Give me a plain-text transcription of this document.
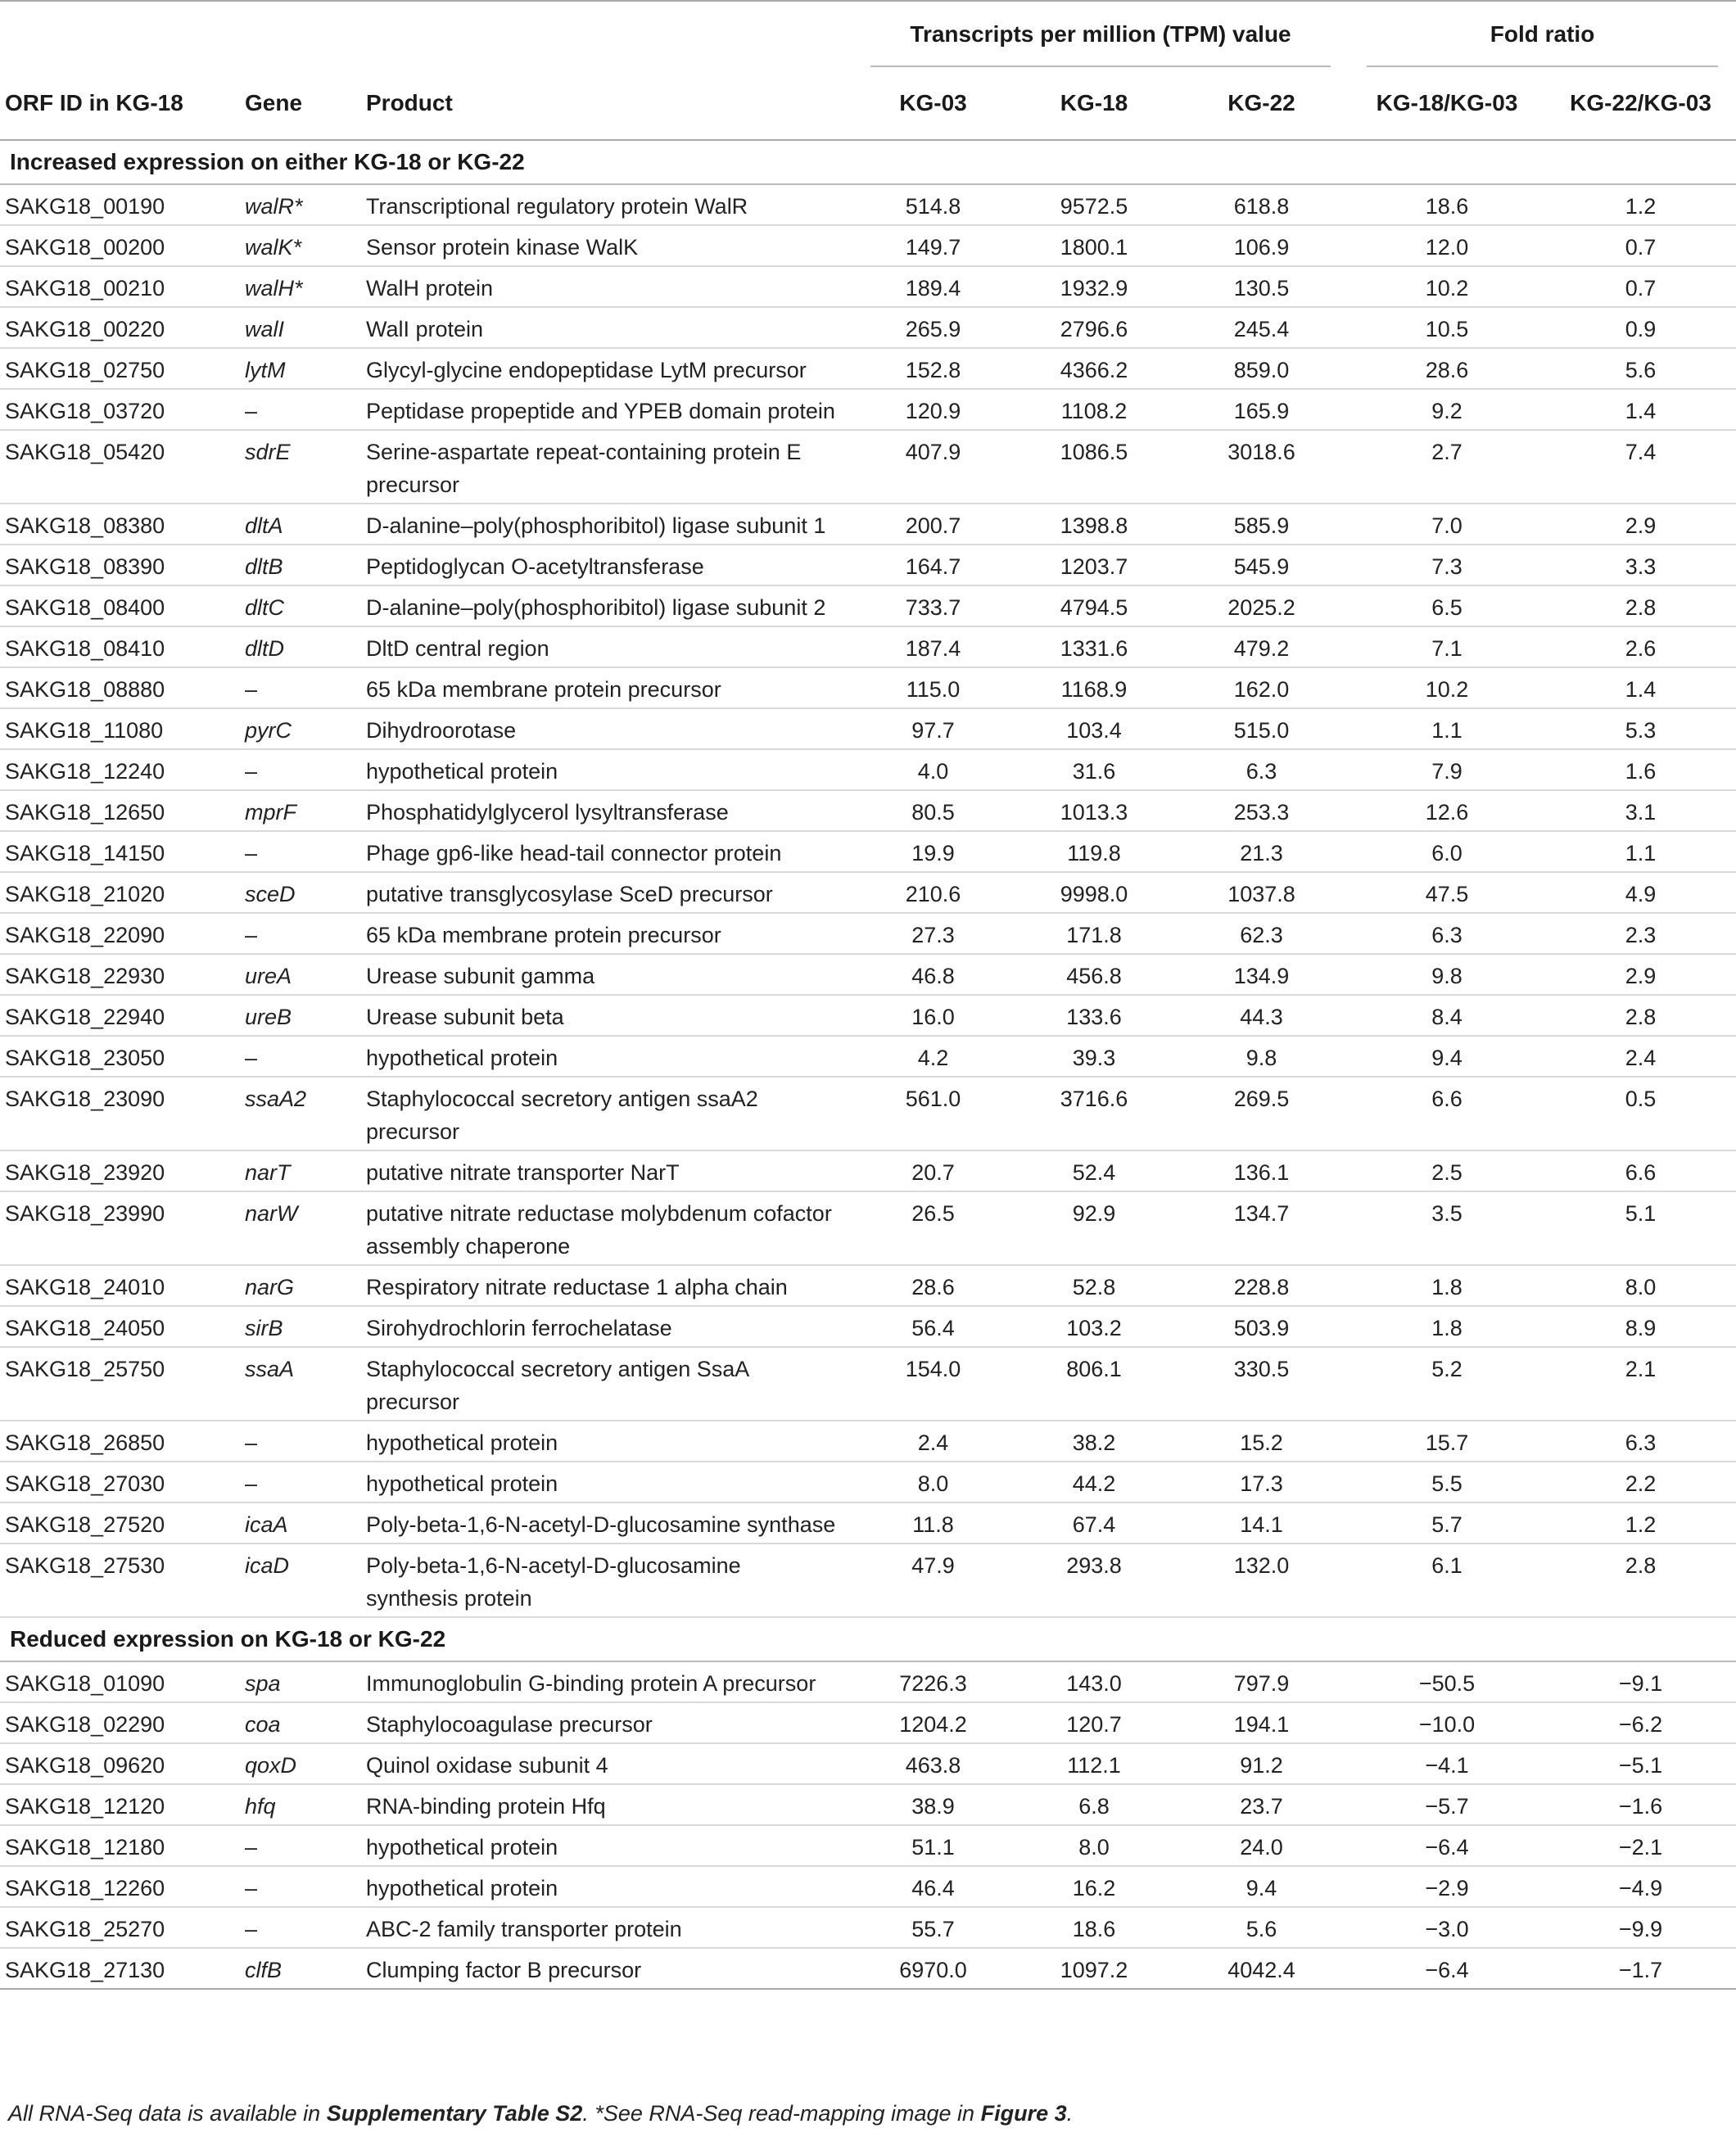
			Transcripts per million (TPM) value			Fold ratio	

ORF ID in KG-18	Gene	Product	KG-03	KG-18	KG-22	KG-18/KG-03	KG-22/KG-03
Increased expression on either KG-18 or KG-22							
SAKG18_00190	walR*	Transcriptional regulatory protein WalR	514.8	9572.5	618.8	18.6	1.2
SAKG18_00200	walK*	Sensor protein kinase WalK	149.7	1800.1	106.9	12.0	0.7
SAKG18_00210	walH*	WalH protein	189.4	1932.9	130.5	10.2	0.7
SAKG18_00220	walI	WalI protein	265.9	2796.6	245.4	10.5	0.9
SAKG18_02750	lytM	Glycyl-glycine endopeptidase LytM precursor	152.8	4366.2	859.0	28.6	5.6
SAKG18_03720	–	Peptidase propeptide and YPEB domain protein	120.9	1108.2	165.9	9.2	1.4
SAKG18_05420	sdrE	Serine-aspartate repeat-containing protein E precursor	407.9	1086.5	3018.6	2.7	7.4
SAKG18_08380	dltA	D-alanine–poly(phosphoribitol) ligase subunit 1	200.7	1398.8	585.9	7.0	2.9
SAKG18_08390	dltB	Peptidoglycan O-acetyltransferase	164.7	1203.7	545.9	7.3	3.3
SAKG18_08400	dltC	D-alanine–poly(phosphoribitol) ligase subunit 2	733.7	4794.5	2025.2	6.5	2.8
SAKG18_08410	dltD	DltD central region	187.4	1331.6	479.2	7.1	2.6
SAKG18_08880	–	65 kDa membrane protein precursor	115.0	1168.9	162.0	10.2	1.4
SAKG18_11080	pyrC	Dihydroorotase	97.7	103.4	515.0	1.1	5.3
SAKG18_12240	–	hypothetical protein	4.0	31.6	6.3	7.9	1.6
SAKG18_12650	mprF	Phosphatidylglycerol lysyltransferase	80.5	1013.3	253.3	12.6	3.1
SAKG18_14150	–	Phage gp6-like head-tail connector protein	19.9	119.8	21.3	6.0	1.1
SAKG18_21020	sceD	putative transglycosylase SceD precursor	210.6	9998.0	1037.8	47.5	4.9
SAKG18_22090	–	65 kDa membrane protein precursor	27.3	171.8	62.3	6.3	2.3
SAKG18_22930	ureA	Urease subunit gamma	46.8	456.8	134.9	9.8	2.9
SAKG18_22940	ureB	Urease subunit beta	16.0	133.6	44.3	8.4	2.8
SAKG18_23050	–	hypothetical protein	4.2	39.3	9.8	9.4	2.4
SAKG18_23090	ssaA2	Staphylococcal secretory antigen ssaA2 precursor	561.0	3716.6	269.5	6.6	0.5
SAKG18_23920	narT	putative nitrate transporter NarT	20.7	52.4	136.1	2.5	6.6
SAKG18_23990	narW	putative nitrate reductase molybdenum cofactor assembly chaperone	26.5	92.9	134.7	3.5	5.1
SAKG18_24010	narG	Respiratory nitrate reductase 1 alpha chain	28.6	52.8	228.8	1.8	8.0
SAKG18_24050	sirB	Sirohydrochlorin ferrochelatase	56.4	103.2	503.9	1.8	8.9
SAKG18_25750	ssaA	Staphylococcal secretory antigen SsaA precursor	154.0	806.1	330.5	5.2	2.1
SAKG18_26850	–	hypothetical protein	2.4	38.2	15.2	15.7	6.3
SAKG18_27030	–	hypothetical protein	8.0	44.2	17.3	5.5	2.2
SAKG18_27520	icaA	Poly-beta-1,6-N-acetyl-D-glucosamine synthase	11.8	67.4	14.1	5.7	1.2
SAKG18_27530	icaD	Poly-beta-1,6-N-acetyl-D-glucosamine synthesis protein	47.9	293.8	132.0	6.1	2.8
Reduced expression on KG-18 or KG-22							
SAKG18_01090	spa	Immunoglobulin G-binding protein A precursor	7226.3	143.0	797.9	−50.5	−9.1
SAKG18_02290	coa	Staphylocoagulase precursor	1204.2	120.7	194.1	−10.0	−6.2
SAKG18_09620	qoxD	Quinol oxidase subunit 4	463.8	112.1	91.2	−4.1	−5.1
SAKG18_12120	hfq	RNA-binding protein Hfq	38.9	6.8	23.7	−5.7	−1.6
SAKG18_12180	–	hypothetical protein	51.1	8.0	24.0	−6.4	−2.1
SAKG18_12260	–	hypothetical protein	46.4	16.2	9.4	−2.9	−4.9
SAKG18_25270	–	ABC-2 family transporter protein	55.7	18.6	5.6	−3.0	−9.9
SAKG18_27130	clfB	Clumping factor B precursor	6970.0	1097.2	4042.4	−6.4	−1.7
All RNA-Seq data is available in Supplementary Table S2. *See RNA-Seq read-mapping image in Figure 3.
